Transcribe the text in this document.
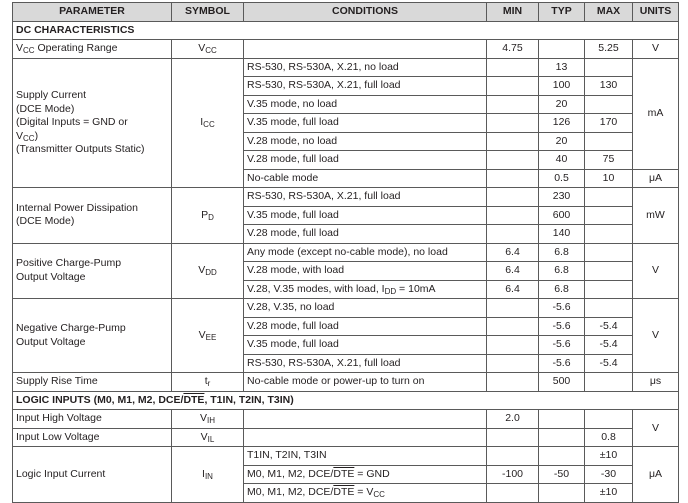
PARAMETER	SYMBOL	CONDITIONS	MIN	TYP	MAX	UNITS
DC CHARACTERISTICS						
$V_{CC}$ Operating Range	$V_{CC}$		4.75		5.25	V
Supply Current
(DCE Mode)
(Digital Inputs = GND or
$V_{CC}$)
(Transmitter Outputs Static)	$I_{CC}$	RS-530, RS-530A, X.21, no load		13		mA
		RS-530, RS-530A, X.21, full load		100	130	
		V.35 mode, no load		20		
		V.35 mode, full load		126	170	
		V.28 mode, no load		20		
		V.28 mode, full load		40	75	
		No-cable mode		0.5	10	μA
Internal Power Dissipation
(DCE Mode)	$P_D$	RS-530, RS-530A, X.21, full load		230		mW
		V.35 mode, full load		600		
		V.28 mode, full load		140		
Positive Charge-Pump
Output Voltage	$V_{DD}$	Any mode (except no-cable mode), no load	6.4	6.8		V
		V.28 mode, with load	6.4	6.8		
		V.28, V.35 modes, with load, $I_{DD} = 10mA$	6.4	6.8		
Negative Charge-Pump
Output Voltage	$V_{EE}$	V.28, V.35, no load		-5.6		V
		V.28 mode, full load		-5.6	-5.4	
		V.35 mode, full load		-5.6	-5.4	
		RS-530, RS-530A, X.21, full load		-5.6	-5.4	
Supply Rise Time	$t_r$	No-cable mode or power-up to turn on		500		μs
LOGIC INPUTS (M0, M1, M2, DCE/$\overline{DTE}$, T1IN, T2IN, T3IN)						
Input High Voltage	$V_{IH}$		2.0			V
Input Low Voltage	$V_{IL}$				0.8	
Logic Input Current	$I_{IN}$	T1IN, T2IN, T3IN			±10	μA
		M0, M1, M2, DCE/$\overline{DTE}$ = GND	-100	-50	-30	
		M0, M1, M2, DCE/$\overline{DTE} = V_{CC}$			±10	
